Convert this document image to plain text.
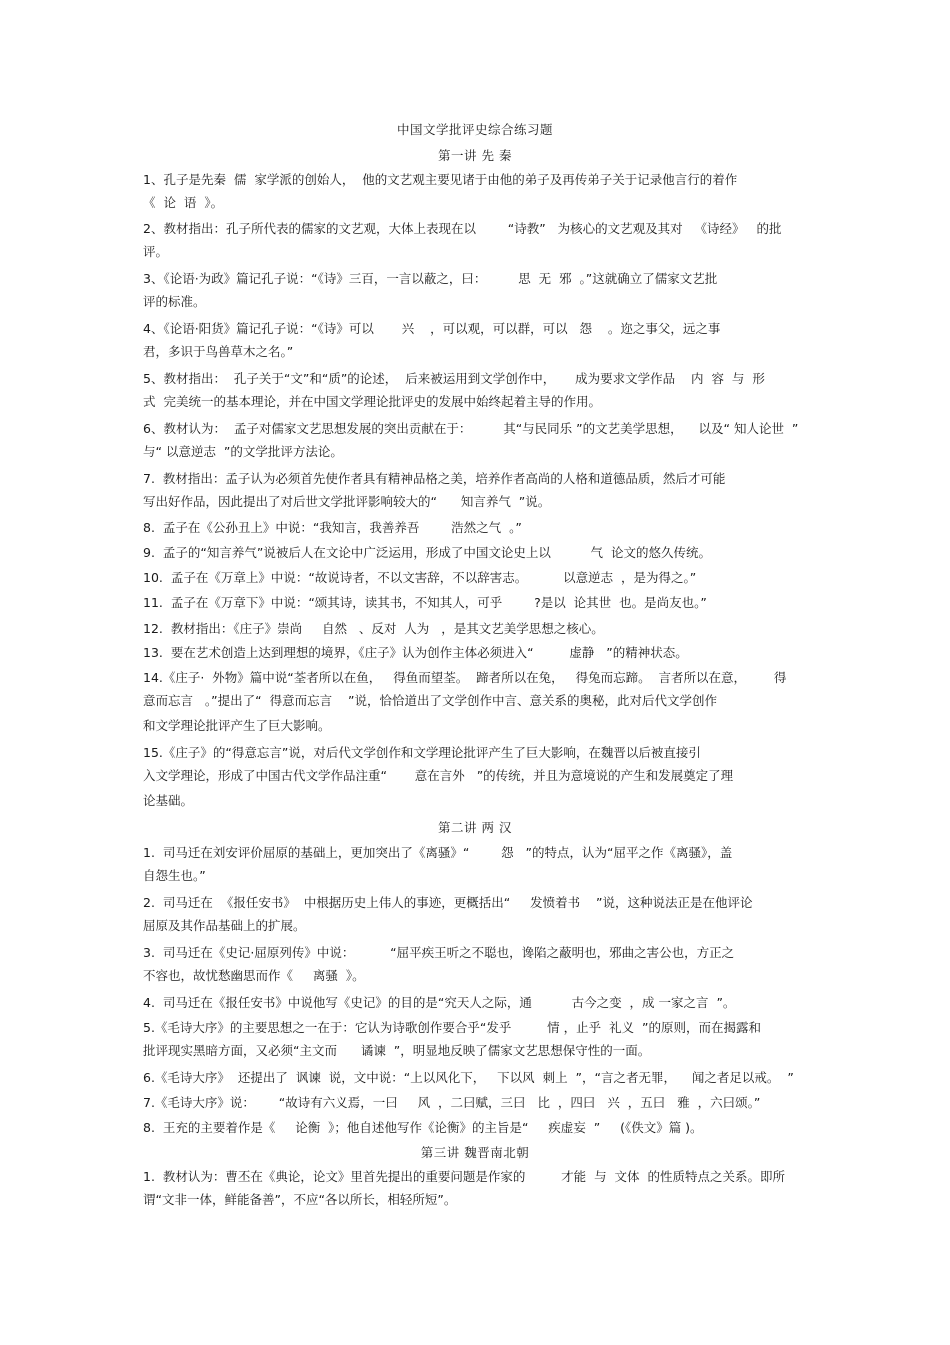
中国文学批评史综合练习题
第一讲 先 秦
第二讲 两 汉
第三讲 魏晋南北朝
1、孔子是先秦  儒  家学派的创始人，  他的文艺观主要见诸于由他的弟子及再传弟子关于记录他言行的着作
《  论  语  》。
2、教材指出：孔子所代表的儒家的文艺观，大体上表现在以        “诗教”   为核心的文艺观及其对   《诗经》   的批
评。
3、《论语·为政》篇记孔子说：“《诗》三百，一言以蔽之，曰：        思  无  邪  。”这就确立了儒家文艺批
评的标准。
4、《论语·阳货》篇记孔子说：“《诗》可以       兴    ，可以观，可以群，可以   怨    。迩之事父，远之事
君，多识于鸟兽草木之名。”
5、教材指出：  孔子关于“文”和“质”的论述，  后来被运用到文学创作中，     成为要求文学作品    内  容  与  形
式  完美统一的基本理论，并在中国文学理论批评史的发展中始终起着主导的作用。
6、教材认为：  孟子对儒家文艺思想发展的突出贡献在于：        其“与民同乐 ”的文艺美学思想，    以及“ 知人论世  ”
与“ 以意逆志  ”的文学批评方法论。
7.  教材指出：孟子认为必须首先使作者具有精神品格之美，培养作者高尚的人格和道德品质，然后才可能
写出好作品，因此提出了对后世文学批评影响较大的“      知言养气  ”说。
8.  孟子在《公孙丑上》中说：“我知言，我善养吾        浩然之气  。”
9.  孟子的“知言养气”说被后人在文论中广泛运用，形成了中国文论史上以          气  论文的悠久传统。
10.  孟子在《万章上》中说：“故说诗者，不以文害辞，不以辞害志。         以意逆志  ，是为得之。”
11.  孟子在《万章下》中说：“颂其诗，读其书，不知其人，可乎        ?是以  论其世  也。是尚友也。”
12.  教材指出：《庄子》崇尚     自然   、反对  人为   ，是其文艺美学思想之核心。
13.  要在艺术创造上达到理想的境界，《庄子》认为创作主体必须进入“         虚静   ”的精神状态。
14.《庄子·  外物》篇中说“荃者所以在鱼，   得鱼而望荃。  蹄者所以在兔，   得兔而忘蹄。  言者所以在意，       得
意而忘言   。”提出了“  得意而忘言    ”说，恰恰道出了文学创作中言、意关系的奥秘，此对后代文学创作
和文学理论批评产生了巨大影响。
15.《庄子》的“得意忘言”说，对后代文学创作和文学理论批评产生了巨大影响，在魏晋以后被直接引
入文学理论，形成了中国古代文学作品注重“       意在言外   ”的传统，并且为意境说的产生和发展奠定了理
论基础。
1.  司马迁在刘安评价屈原的基础上，更加突出了《离骚》“        怨   ”的特点，认为“屈平之作《离骚》，盖
自怨生也。”
2.  司马迁在  《报任安书》  中根据历史上伟人的事迹，更概括出“     发愤着书    ”说，这种说法正是在他评论
屈原及其作品基础上的扩展。
3.  司马迁在《史记·屈原列传》中说：         “屈平疾王听之不聪也，谗陷之蔽明也，邪曲之害公也，方正之
不容也，故忧愁幽思而作《     离骚  》。
4.  司马迁在《报任安书》中说他写《史记》的目的是“究天人之际，通          古今之变  ，成 一家之言  ”。
5.《毛诗大序》的主要思想之一在于：它认为诗歌创作要合乎“发乎         情 ，止乎  礼义  ”的原则，而在揭露和
批评现实黑暗方面，又必须“主文而      谲谏  ”，明显地反映了儒家文艺思想保守性的一面。
6.《毛诗大序》  还提出了  讽谏  说，文中说：“上以风化下，   下以风  刺上  ”，“言之者无罪，    闻之者足以戒。  ”
7.《毛诗大序》说：      “故诗有六义焉，一曰     风  ，二曰赋，三曰   比  ，四曰   兴  ，五曰   雅  ，六曰颂。”
8.  王充的主要着作是《     论衡  》；他自述他写作《论衡》的主旨是“     疾虚妄  ”     (《佚文》篇 )。
1.  教材认为：曹丕在《典论，论文》里首先提出的重要问题是作家的         才能  与  文体  的性质特点之关系。即所
谓“文非一体，鲜能备善”，不应“各以所长，相轻所短”。
